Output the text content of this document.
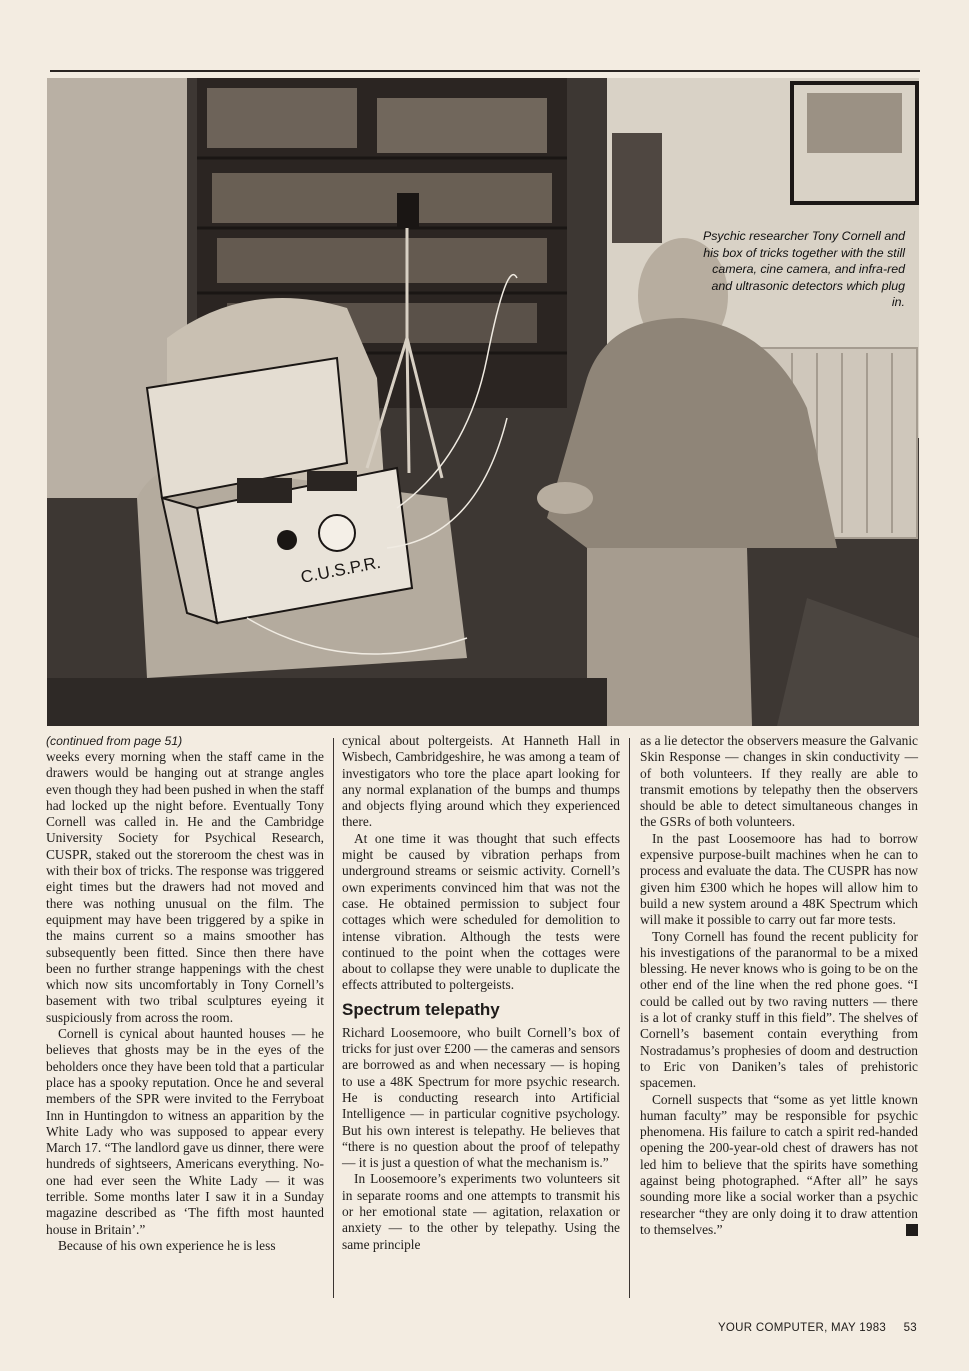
C.U.S.P.R.
Psychic researcher Tony Cornell and his box of tricks together with the still camera, cine camera, and infra-red and ultrasonic detectors which plug in.

(continued from page 51)

weeks every morning when the staff came in the drawers would be hanging out at strange angles even though they had been pushed in when the staff had locked up the night before. Eventually Tony Cornell was called in. He and the Cambridge University Society for Psychical Research, CUSPR, staked out the storeroom the chest was in with their box of tricks. The response was triggered eight times but the drawers had not moved and there was nothing unusual on the film. The equipment may have been triggered by a spike in the mains current so a mains smoother has subsequently been fitted. Since then there have been no further strange happenings with the chest which now sits uncomfortably in Tony Cornell’s basement with two tribal sculptures eyeing it suspiciously from across the room.

Cornell is cynical about haunted houses — he believes that ghosts may be in the eyes of the beholders once they have been told that a particular place has a spooky reputation. Once he and several members of the SPR were invited to the Ferryboat Inn in Huntingdon to witness an apparition by the White Lady who was supposed to appear every March 17. “The landlord gave us dinner, there were hundreds of sightseers, Americans everything. No-one had ever seen the White Lady — it was terrible. Some months later I saw it in a Sunday magazine described as ‘The fifth most haunted house in Britain’.”

Because of his own experience he is less

cynical about poltergeists. At Hanneth Hall in Wisbech, Cambridgeshire, he was among a team of investigators who tore the place apart looking for any normal explanation of the bumps and thumps and objects flying around which they experienced there.

At one time it was thought that such effects might be caused by vibration perhaps from underground streams or seismic activity. Cornell’s own experiments convinced him that was not the case. He obtained permission to subject four cottages which were scheduled for demolition to intense vibration. Although the tests were continued to the point when the cottages were about to collapse they were unable to duplicate the effects attributed to poltergeists.

Spectrum telepathy

Richard Loosemoore, who built Cornell’s box of tricks for just over £200 — the cameras and sensors are borrowed as and when necessary — is hoping to use a 48K Spectrum for more psychic research. He is conducting research into Artificial Intelligence — in particular cognitive psychology. But his own interest is telepathy. He believes that “there is no question about the proof of telepathy — it is just a question of what the mechanism is.”

In Loosemoore’s experiments two volunteers sit in separate rooms and one attempts to transmit his or her emotional state — agitation, relaxation or anxiety — to the other by telepathy. Using the same principle

as a lie detector the observers measure the Galvanic Skin Response — changes in skin conductivity — of both volunteers. If they really are able to transmit emotions by telepathy then the observers should be able to detect simultaneous changes in the GSRs of both volunteers.

In the past Loosemoore has had to borrow expensive purpose-built machines when he can to process and evaluate the data. The CUSPR has now given him £300 which he hopes will allow him to build a new system around a 48K Spectrum which will make it possible to carry out far more tests.

Tony Cornell has found the recent publicity for his investigations of the paranormal to be a mixed blessing. He never knows who is going to be on the other end of the line when the red phone goes. “I could be called out by two raving nutters — there is a lot of cranky stuff in this field”. The shelves of Cornell’s basement contain everything from Nostradamus’s prophesies of doom and destruction to Eric von Daniken’s tales of prehistoric spacemen.

Cornell suspects that “some as yet little known human faculty” may be responsible for psychic phenomena. His failure to catch a spirit red-handed opening the 200-year-old chest of drawers has not led him to believe that the spirits have something against being photographed. “After all” he says sounding more like a social worker than a psychic researcher “they are only doing it to draw attention to themselves.”

YOUR COMPUTER, MAY 1983 53
